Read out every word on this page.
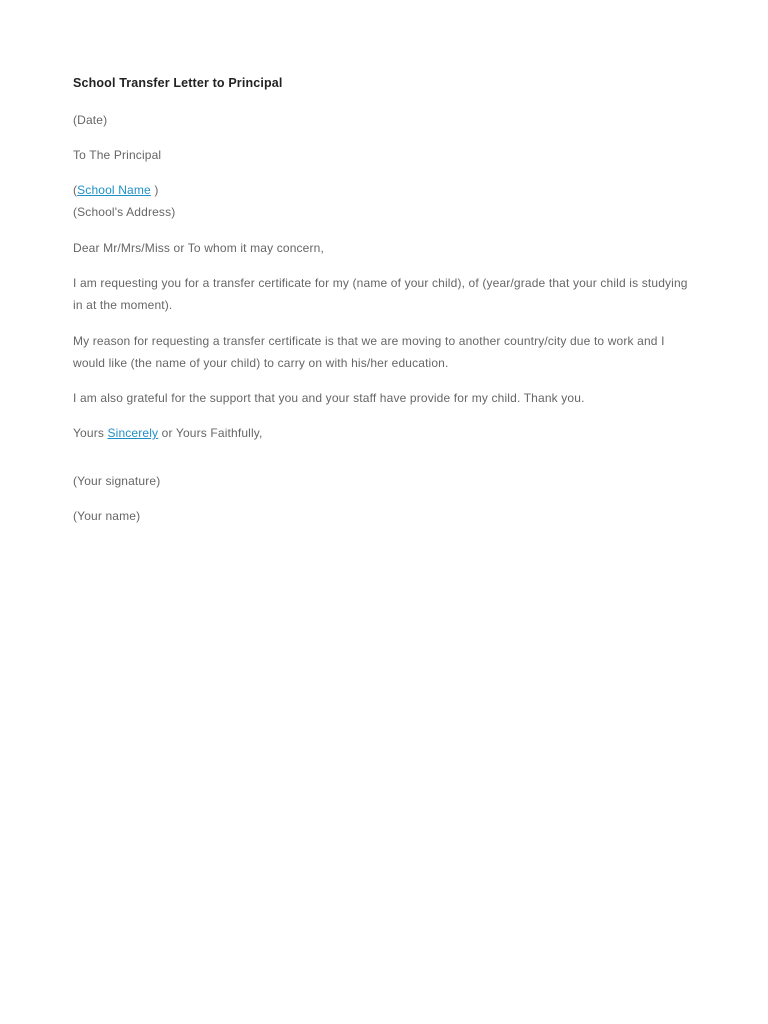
School Transfer Letter to Principal
(Date)
To The Principal
(School Name )
(School's Address)
Dear Mr/Mrs/Miss or To whom it may concern,
I am requesting you for a transfer certificate for my (name of your child), of (year/grade that your child is studying in at the moment).
My reason for requesting a transfer certificate is that we are moving to another country/city due to work and I would like (the name of your child) to carry on with his/her education.
I am also grateful for the support that you and your staff have provide for my child. Thank you.
Yours Sincerely or Yours Faithfully,
(Your signature)
(Your name)
